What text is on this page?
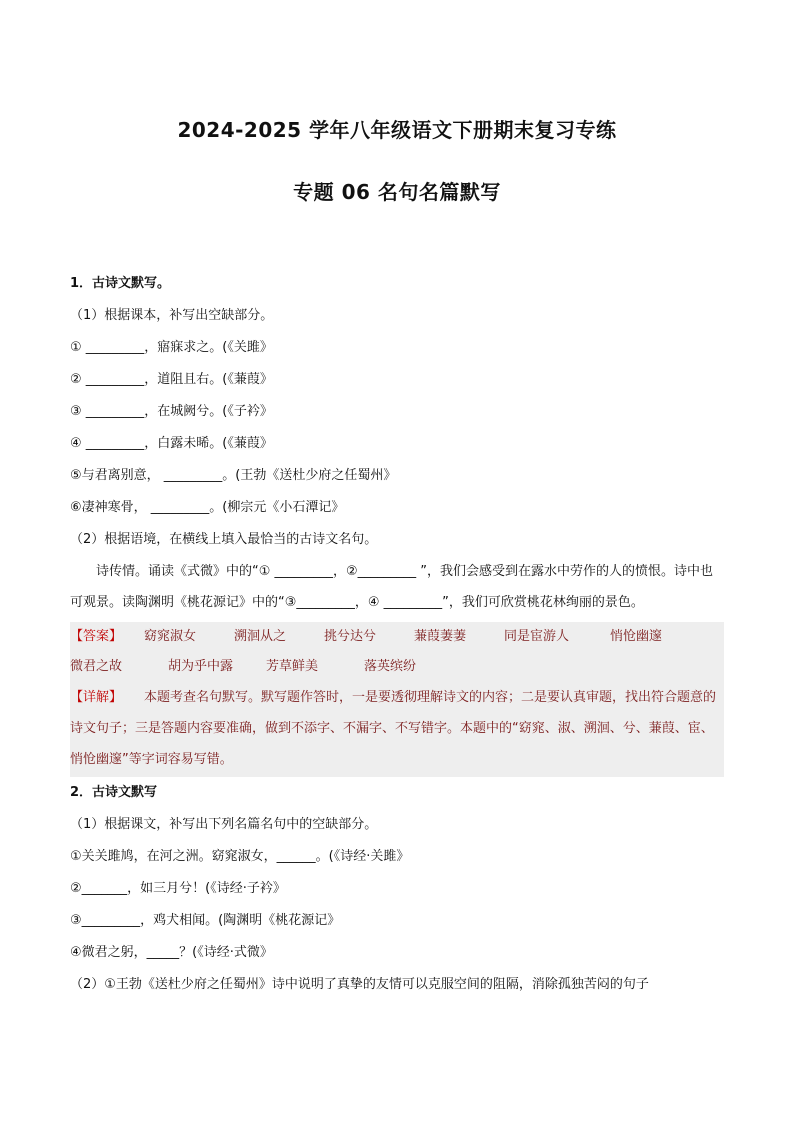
2024-2025 学年八年级语文下册期末复习专练
专题 06 名句名篇默写
1．古诗文默写。
（1）根据课本，补写出空缺部分。
① _________，寤寐求之。(《关雎》
② _________，道阻且右。(《蒹葭》
③ _________，在城阙兮。(《子衿》
④ _________，白露未晞。(《蒹葭》
⑤与君离别意， _________。(王勃《送杜少府之任蜀州》
⑥凄神寒骨， _________。(柳宗元《小石潭记》
（2）根据语境，在横线上填入最恰当的古诗文名句。
诗传情。诵读《式微》中的“① _________，②_________ ”，我们会感受到在露水中劳作的人的愤恨。诗中也可观景。读陶渊明《桃花源记》中的“③_________，④ _________”，我们可欣赏桃花林绚丽的景色。
【答案】 窈窕淑女	溯洄从之	挑兮达兮	蒹葭萋萋	同是宦游人	悄怆幽邃
微君之故	胡为乎中露	芳草鲜美	落英缤纷
【详解】 本题考查名句默写。默写题作答时，一是要透彻理解诗文的内容；二是要认真审题，找出符合题意的诗文句子；三是答题内容要准确，做到不添字、不漏字、不写错字。本题中的“窈窕、淑、溯洄、兮、蒹葭、宦、悄怆幽邃”等字词容易写错。
2．古诗文默写
（1）根据课文，补写出下列名篇名句中的空缺部分。
①关关雎鸠，在河之洲。窈窕淑女，______。(《诗经·关雎》
②_______，如三月兮！(《诗经·子衿》
③_________，鸡犬相闻。(陶渊明《桃花源记》
④微君之躬，_____？(《诗经·式微》
（2）①王勃《送杜少府之任蜀州》诗中说明了真挚的友情可以克服空间的阻隔，消除孤独苦闷的句子
